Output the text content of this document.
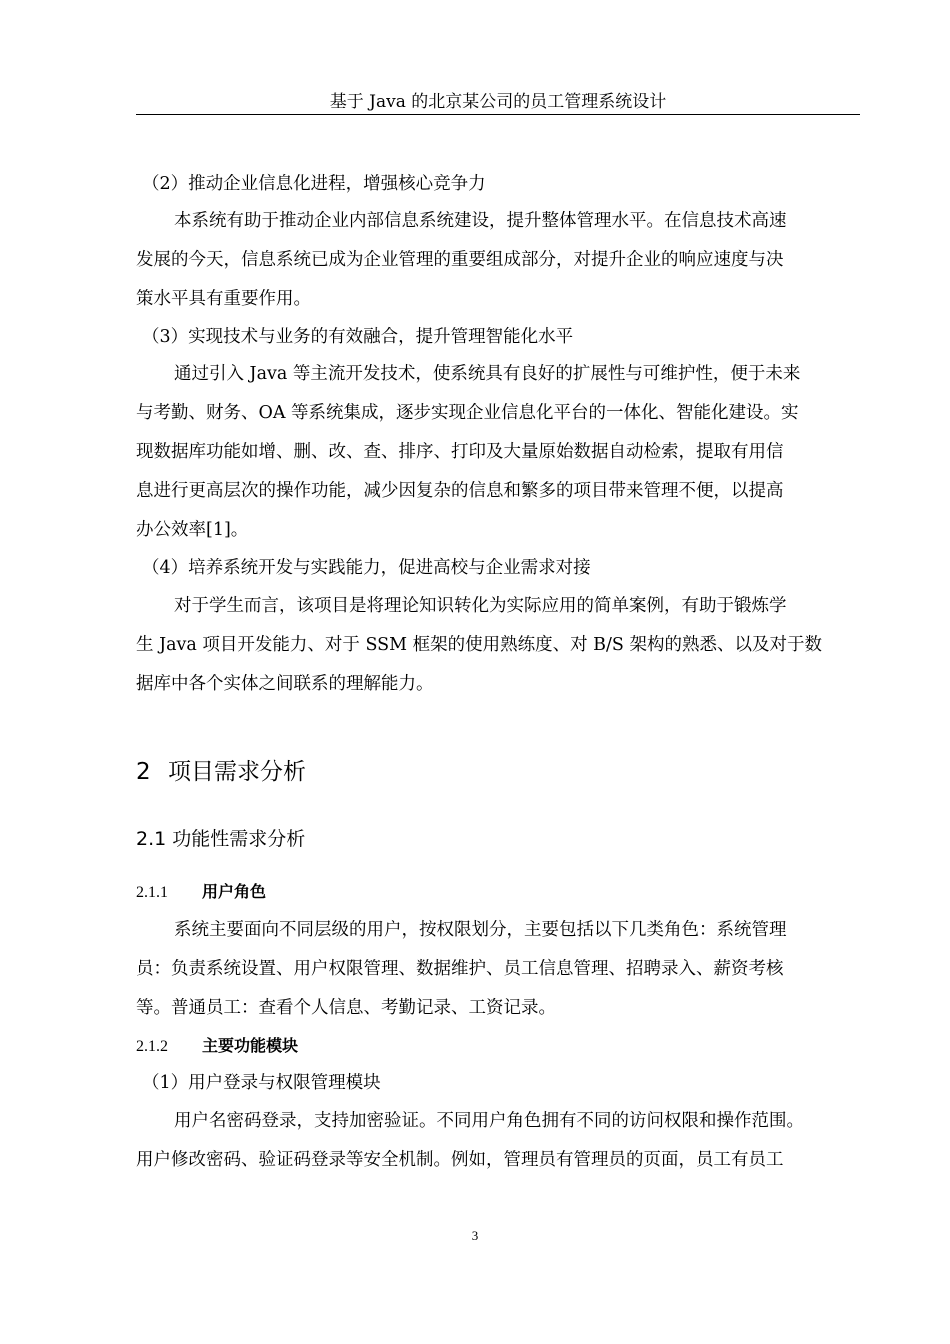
基于 Java 的北京某公司的员工管理系统设计
（2）推动企业信息化进程，增强核心竞争力
本系统有助于推动企业内部信息系统建设，提升整体管理水平。在信息技术高速
发展的今天，信息系统已成为企业管理的重要组成部分，对提升企业的响应速度与决
策水平具有重要作用。
（3）实现技术与业务的有效融合，提升管理智能化水平
通过引入 Java 等主流开发技术，使系统具有良好的扩展性与可维护性，便于未来
与考勤、财务、OA 等系统集成，逐步实现企业信息化平台的一体化、智能化建设。实
现数据库功能如增、删、改、查、排序、打印及大量原始数据自动检索，提取有用信
息进行更高层次的操作功能，减少因复杂的信息和繁多的项目带来管理不便，以提高
办公效率[1]。
（4）培养系统开发与实践能力，促进高校与企业需求对接
对于学生而言，该项目是将理论知识转化为实际应用的简单案例，有助于锻炼学
生 Java 项目开发能力、对于 SSM 框架的使用熟练度、对 B/S 架构的熟悉、以及对于数
据库中各个实体之间联系的理解能力。
2 项目需求分析
2.1 功能性需求分析
2.1.1 用户角色
系统主要面向不同层级的用户，按权限划分，主要包括以下几类角色：系统管理
员：负责系统设置、用户权限管理、数据维护、员工信息管理、招聘录入、薪资考核
等。普通员工：查看个人信息、考勤记录、工资记录。
2.1.2 主要功能模块
（1）用户登录与权限管理模块
用户名密码登录，支持加密验证。不同用户角色拥有不同的访问权限和操作范围。
用户修改密码、验证码登录等安全机制。例如，管理员有管理员的页面，员工有员工
3
